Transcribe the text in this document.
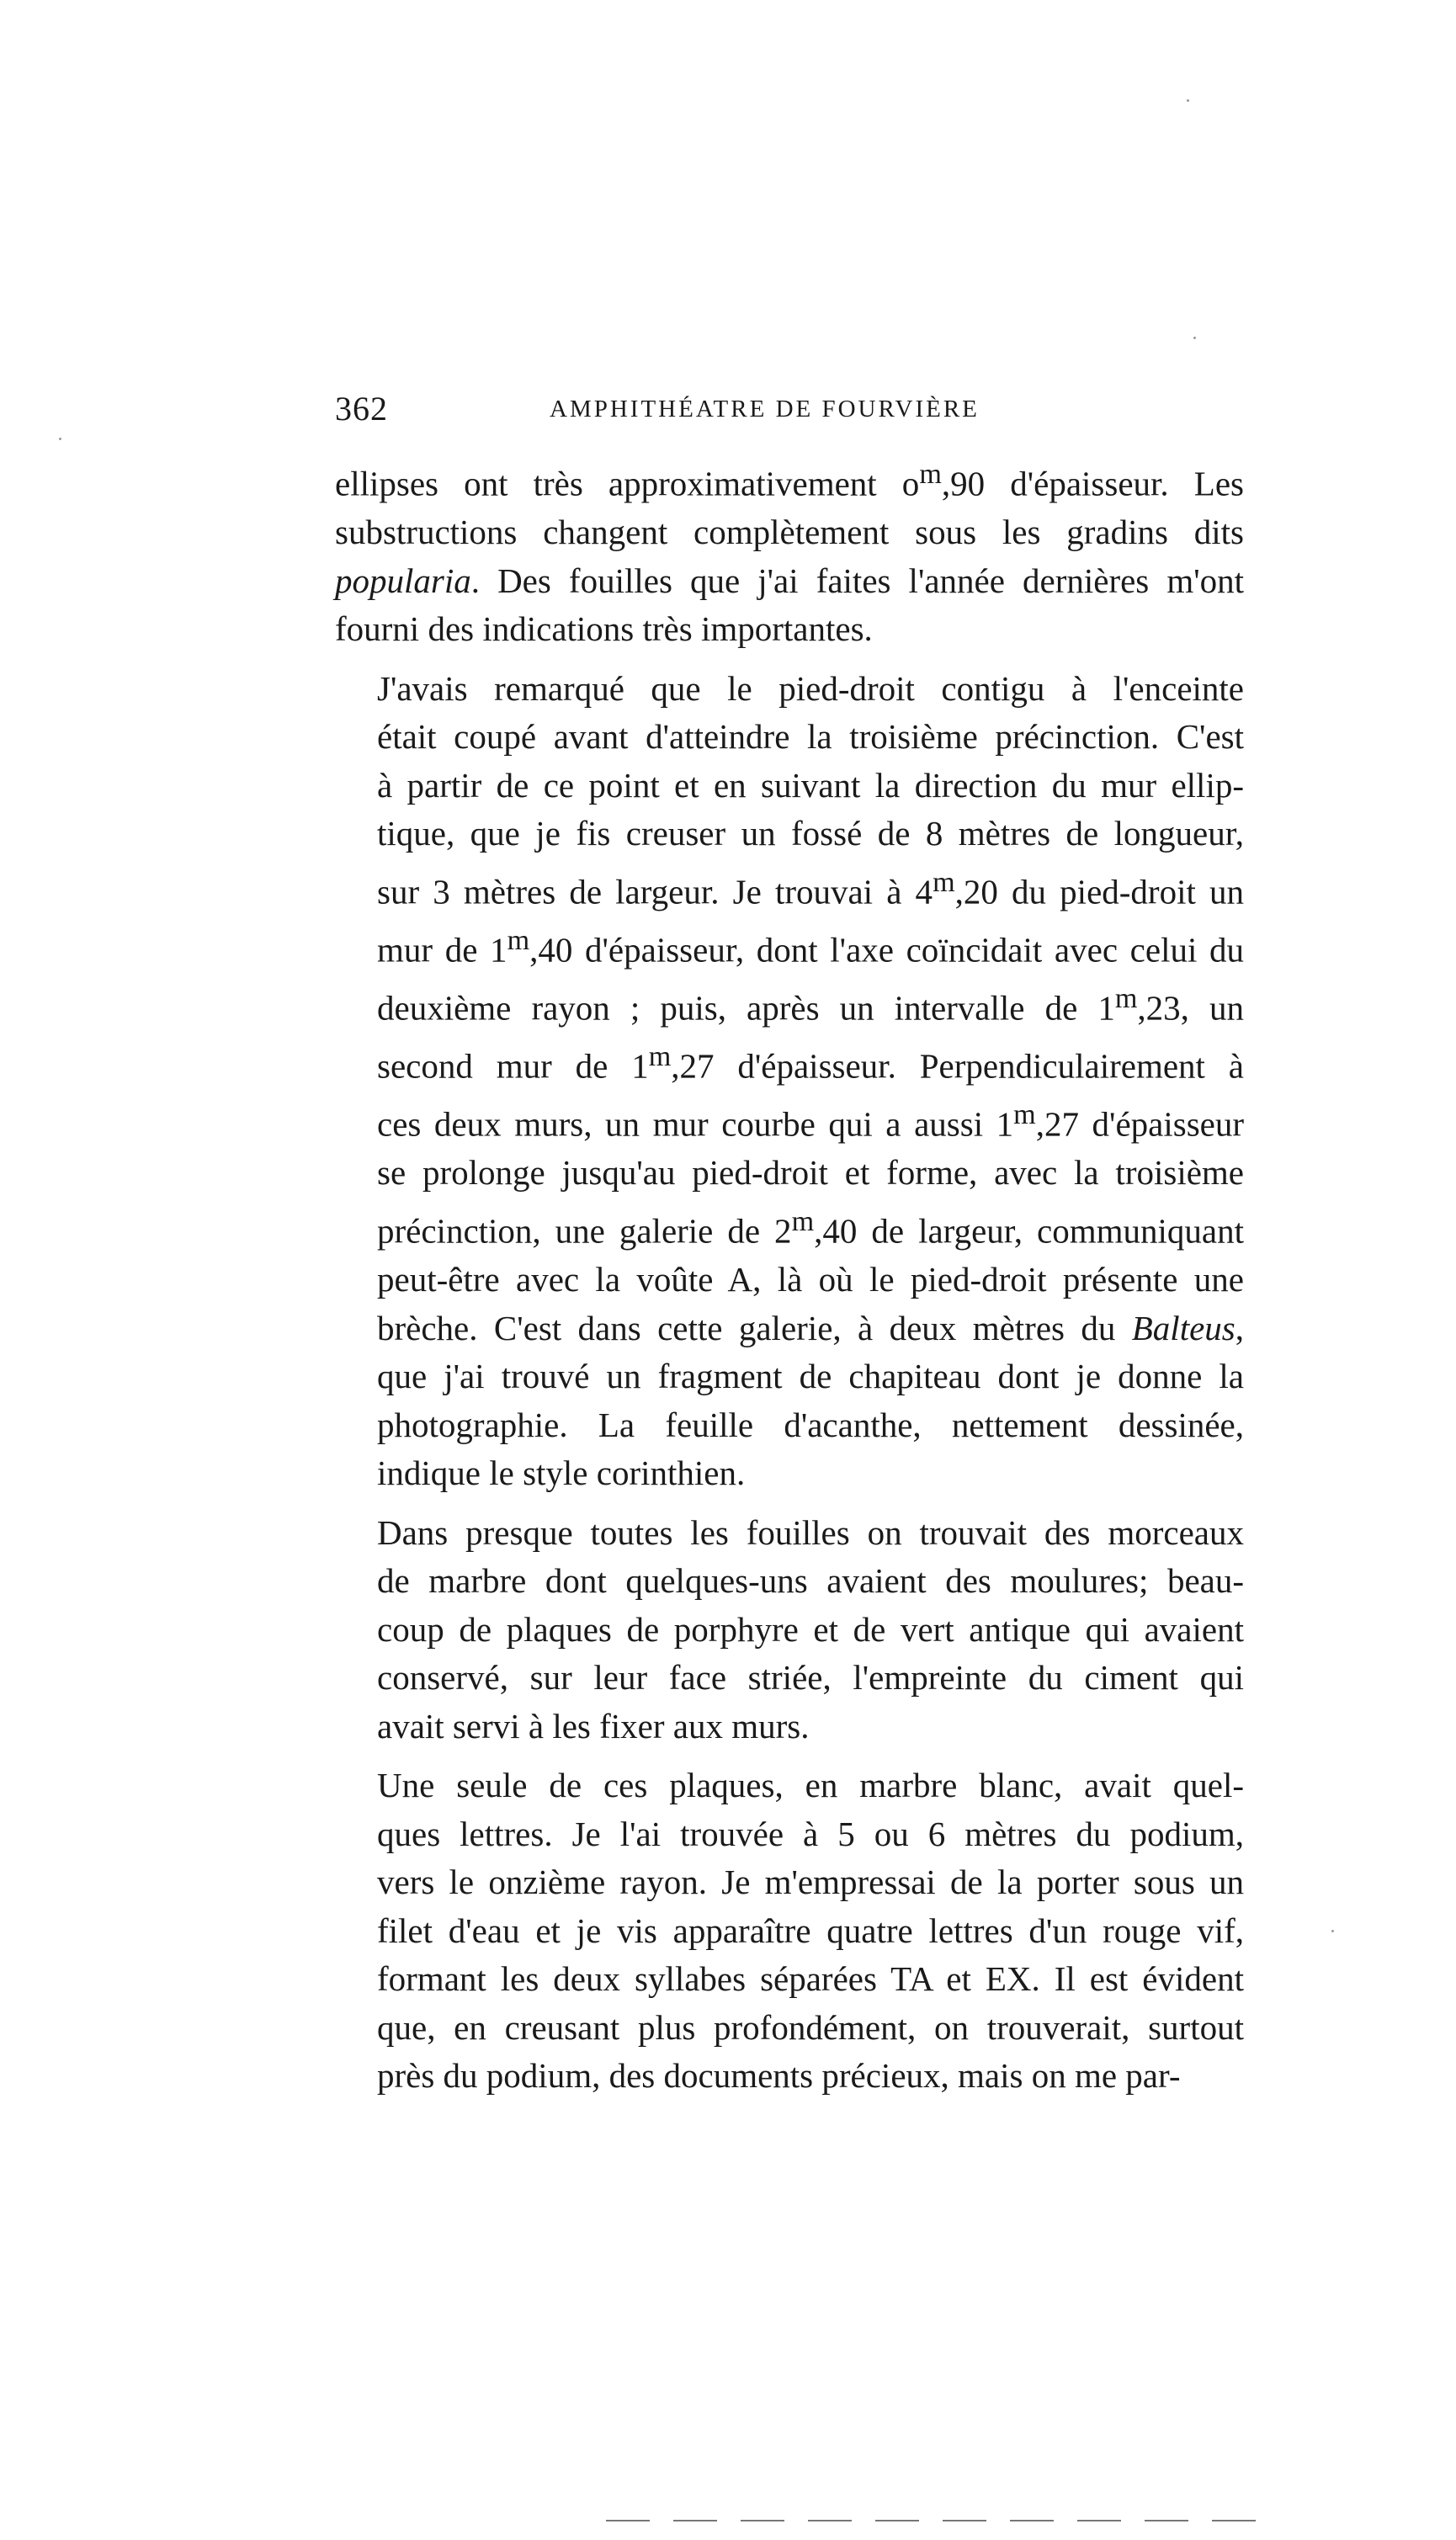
362	AMPHITHÉATRE DE FOURVIÈRE
ellipses ont très approximativement $o^m,90$ d'épaisseur. Les
substructions changent complètement sous les gradins dits
popularia. Des fouilles que j'ai faites l'année dernières m'ont
fourni des indications très importantes.
J'avais remarqué que le pied-droit contigu à l'enceinte
était coupé avant d'atteindre la troisième précinction. C'est
à partir de ce point et en suivant la direction du mur ellip-
tique, que je fis creuser un fossé de 8 mètres de longueur,
sur 3 mètres de largeur. Je trouvai à 4$^m$,20 du pied-droit un
mur de 1$^m$,40 d'épaisseur, dont l'axe coïncidait avec celui du
deuxième rayon ; puis, après un intervalle de 1$^m$,23, un
second mur de 1$^m$,27 d'épaisseur. Perpendiculairement à
ces deux murs, un mur courbe qui a aussi 1$^m$,27 d'épaisseur
se prolonge jusqu'au pied-droit et forme, avec la troisième
précinction, une galerie de 2$^m$,40 de largeur, communiquant
peut-être avec la voûte A, là où le pied-droit présente une
brèche. C'est dans cette galerie, à deux mètres du Balteus,
que j'ai trouvé un fragment de chapiteau dont je donne la
photographie. La feuille d'acanthe, nettement dessinée,
indique le style corinthien.
Dans presque toutes les fouilles on trouvait des morceaux
de marbre dont quelques-uns avaient des moulures; beau-
coup de plaques de porphyre et de vert antique qui avaient
conservé, sur leur face striée, l'empreinte du ciment qui
avait servi à les fixer aux murs.
Une seule de ces plaques, en marbre blanc, avait quel-
ques lettres. Je l'ai trouvée à 5 ou 6 mètres du podium,
vers le onzième rayon. Je m'empressai de la porter sous un
filet d'eau et je vis apparaître quatre lettres d'un rouge vif,
formant les deux syllabes séparées TA et EX. Il est évident
que, en creusant plus profondément, on trouverait, surtout
près du podium, des documents précieux, mais on me par-
